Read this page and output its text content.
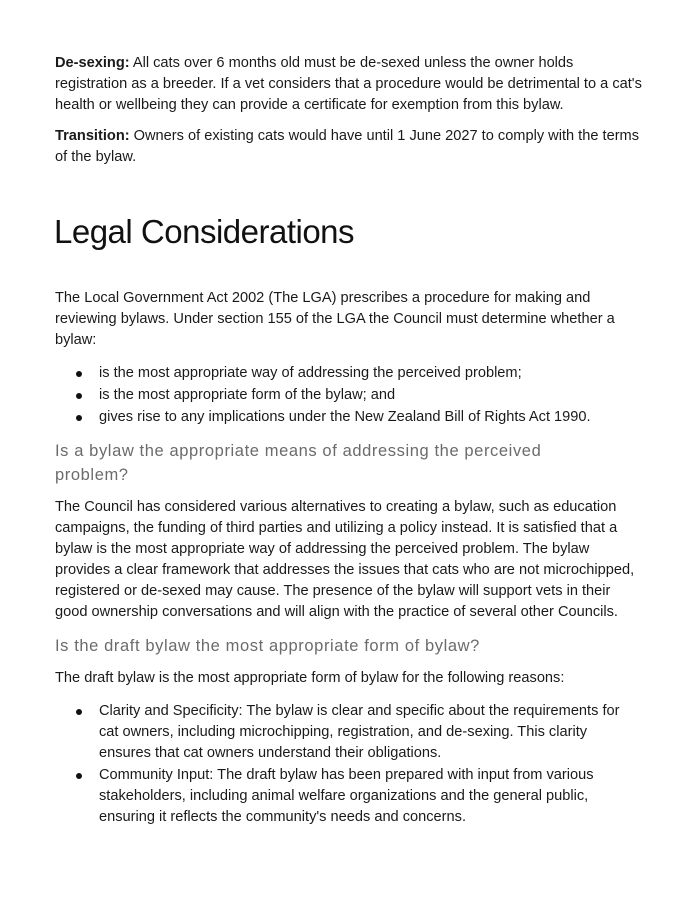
De-sexing: All cats over 6 months old must be de-sexed unless the owner holds registration as a breeder. If a vet considers that a procedure would be detrimental to a cat's health or wellbeing they can provide a certificate for exemption from this bylaw.

Transition: Owners of existing cats would have until 1 June 2027 to comply with the terms of the bylaw.

Legal Considerations

The Local Government Act 2002 (The LGA) prescribes a procedure for making and reviewing bylaws. Under section 155 of the LGA the Council must determine whether a bylaw:

is the most appropriate way of addressing the perceived problem;
is the most appropriate form of the bylaw; and
gives rise to any implications under the New Zealand Bill of Rights Act 1990.
Is a bylaw the appropriate means of addressing the perceived problem?

The Council has considered various alternatives to creating a bylaw, such as education campaigns, the funding of third parties and utilizing a policy instead. It is satisfied that a bylaw is the most appropriate way of addressing the perceived problem. The bylaw provides a clear framework that addresses the issues that cats who are not microchipped, registered or de-sexed may cause. The presence of the bylaw will support vets in their good ownership conversations and will align with the practice of several other Councils.

Is the draft bylaw the most appropriate form of bylaw?

The draft bylaw is the most appropriate form of bylaw for the following reasons:

Clarity and Specificity: The bylaw is clear and specific about the requirements for cat owners, including microchipping, registration, and de-sexing. This clarity ensures that cat owners understand their obligations.
Community Input: The draft bylaw has been prepared with input from various stakeholders, including animal welfare organizations and the general public, ensuring it reflects the community's needs and concerns.
